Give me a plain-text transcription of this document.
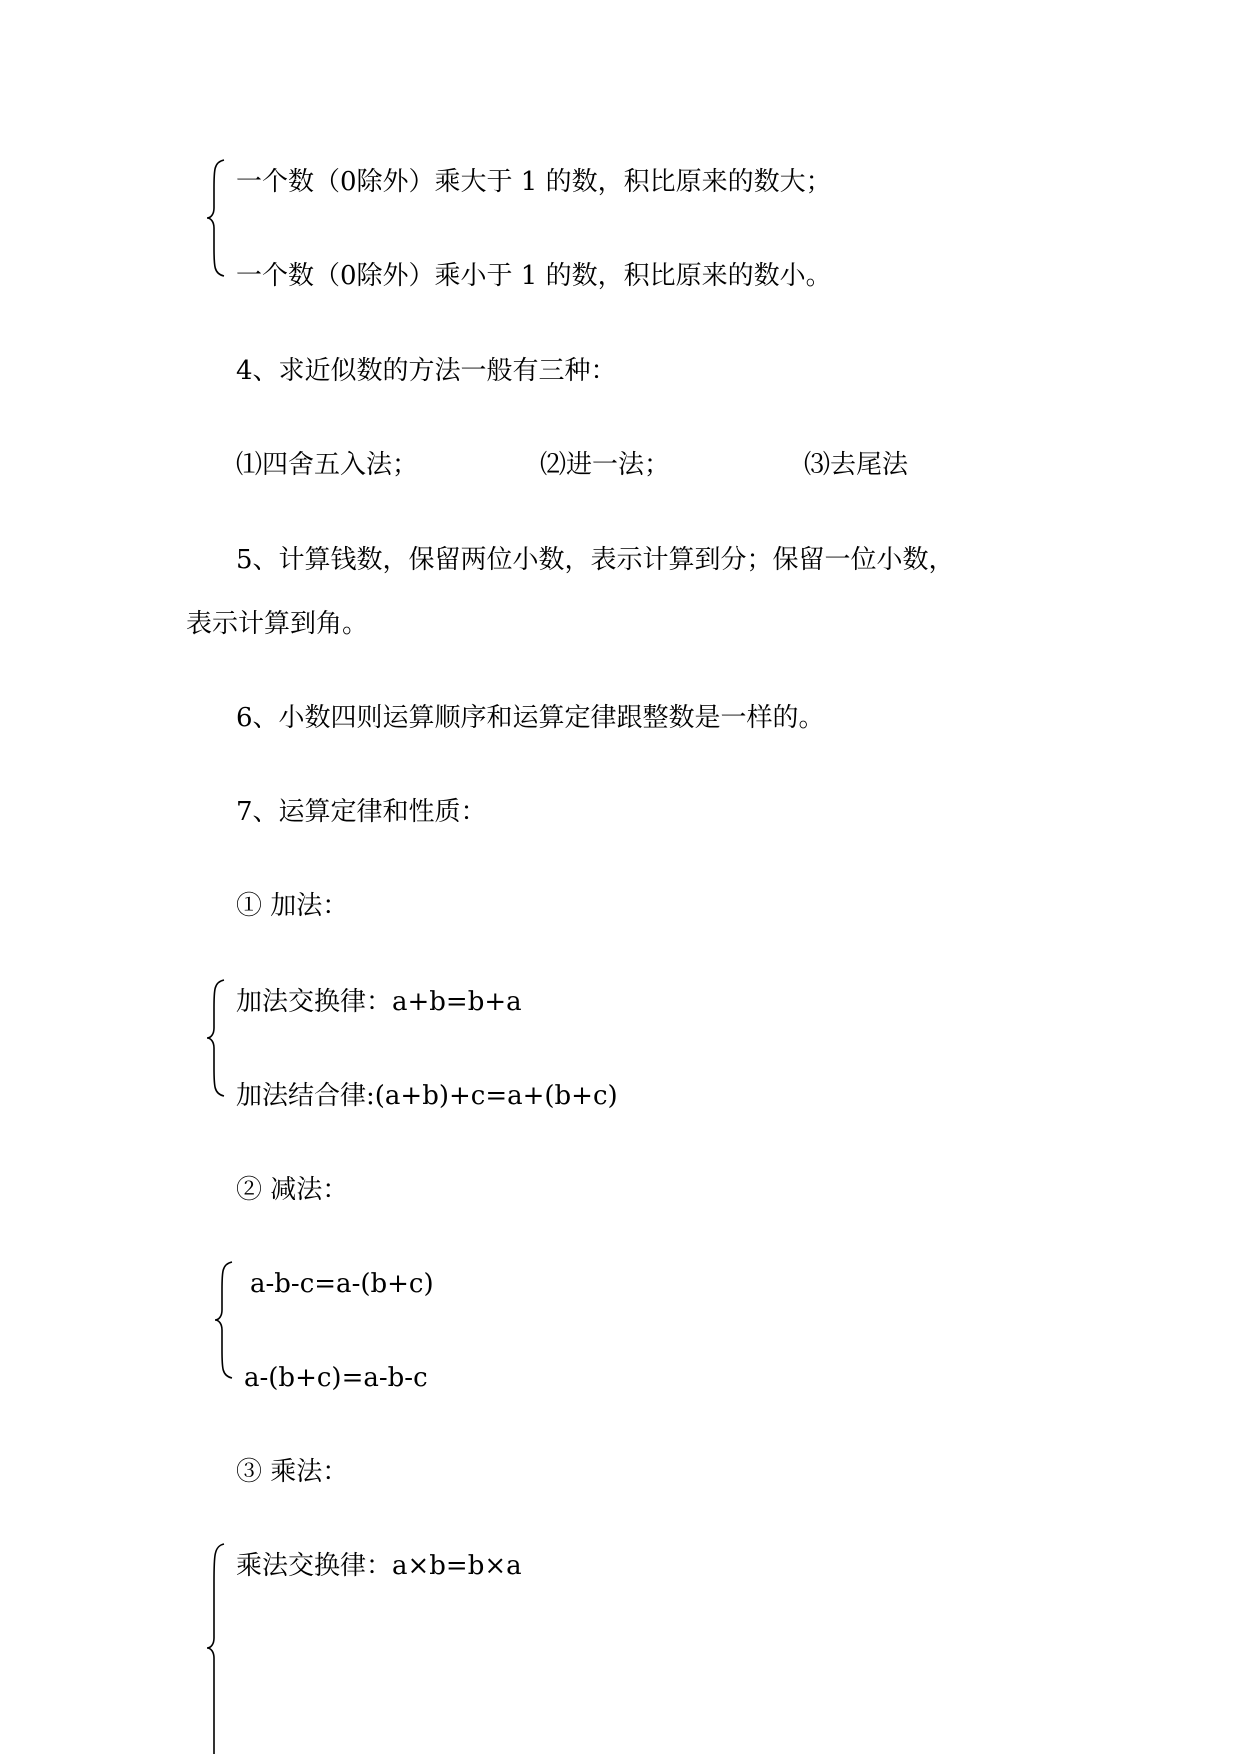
一个数（0除外）乘大于 1 的数，积比原来的数大；
一个数（0除外）乘小于 1 的数，积比原来的数小。
4、求近似数的方法一般有三种：
⑴四舍五入法；	⑵进一法；	⑶去尾法
5、计算钱数，保留两位小数，表示计算到分；保留一位小数，
表示计算到角。
6、小数四则运算顺序和运算定律跟整数是一样的。
7、运算定律和性质：
① 加法：
加法交换律：a+b=b+a
加法结合律:(a+b)+c=a+(b+c)
② 减法：
a-b-c=a-(b+c)
a-(b+c)=a-b-c
③ 乘法：
乘法交换律：a×b=b×a
